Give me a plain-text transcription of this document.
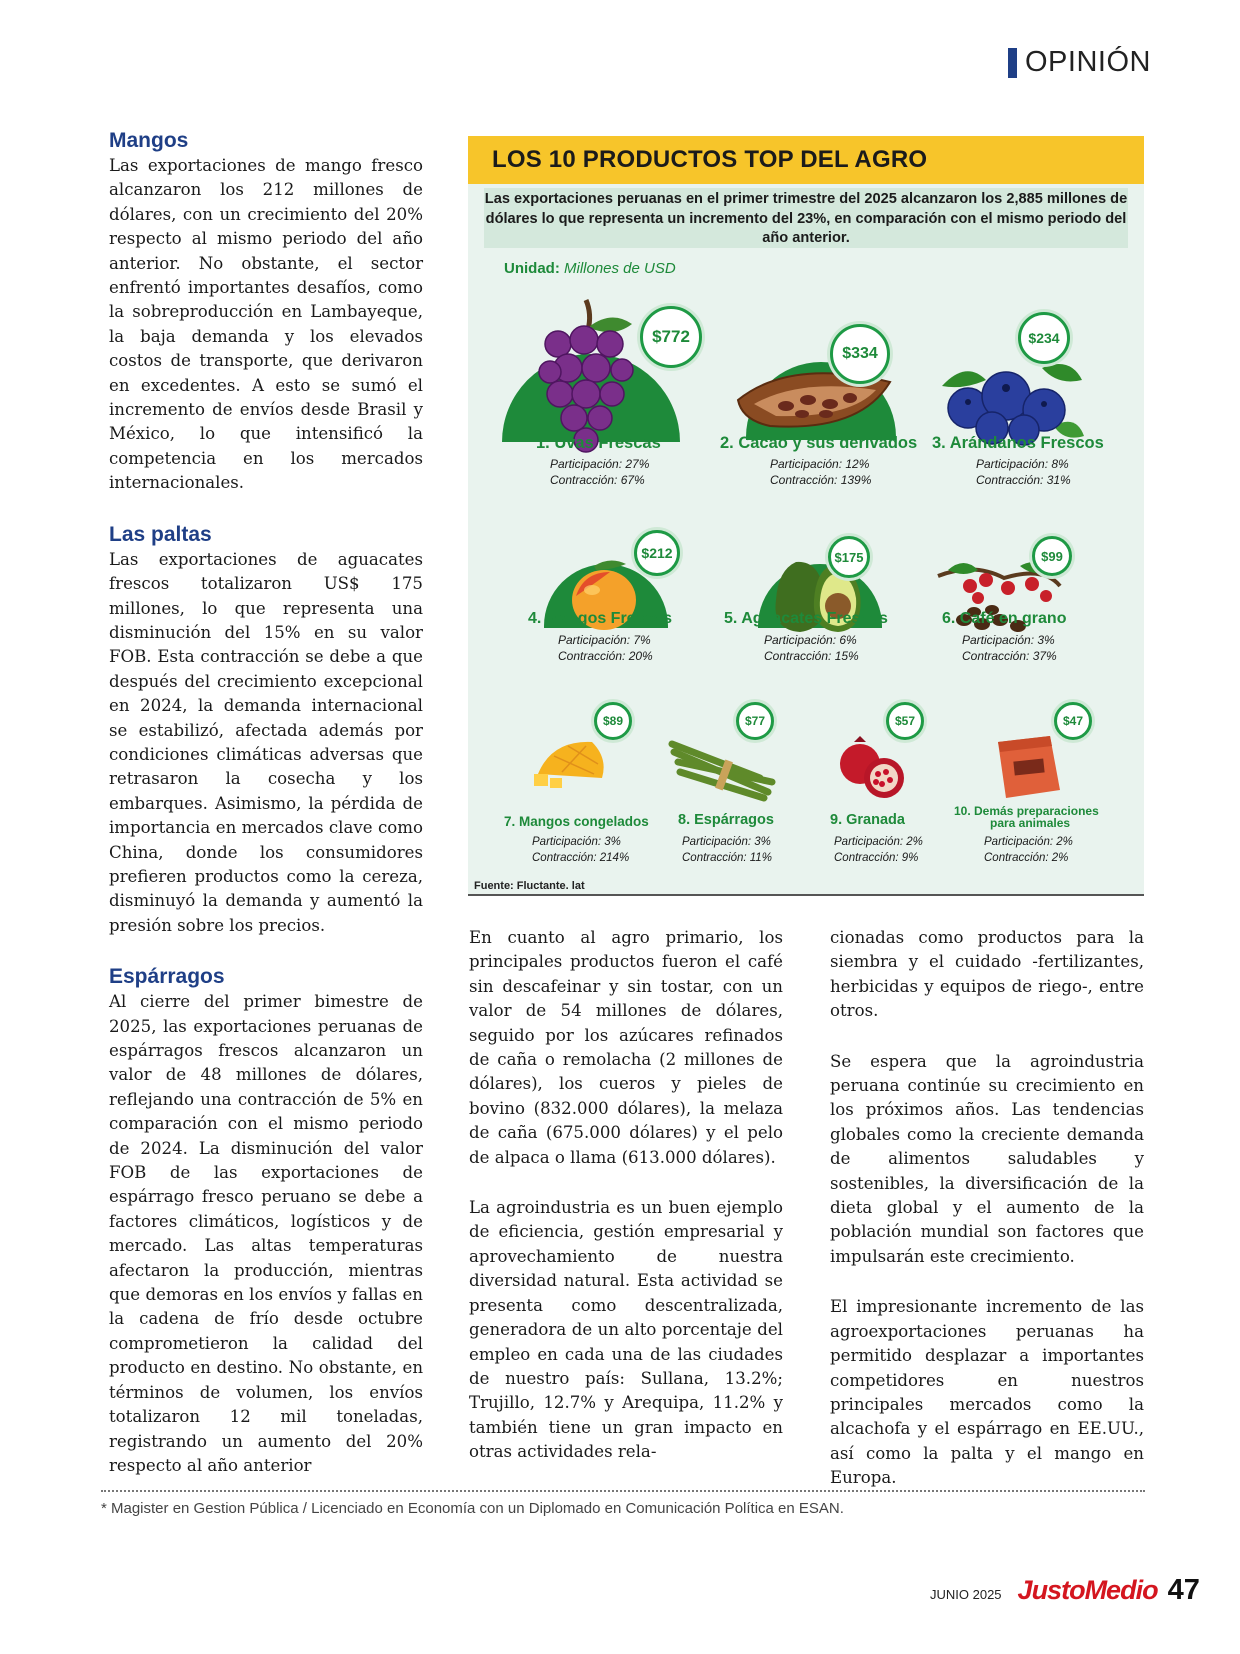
OPINIÓN
Mangos

Las exportaciones de mango fresco alcanzaron los 212 millones de dólares, con un crecimiento del 20% respecto al mismo periodo del año anterior. No obstante, el sector enfrentó importantes desafíos, como la sobreproducción en Lambayeque, la baja demanda y los elevados costos de transporte, que derivaron en excedentes. A esto se sumó el incremento de envíos desde Brasil y México, lo que intensificó la competencia en los mercados internacionales.

Las paltas

Las exportaciones de aguacates frescos totalizaron US$ 175 millones, lo que representa una disminución del 15% en su valor FOB. Esta contracción se debe a que después del crecimiento excepcional en 2024, la demanda internacional se estabilizó, afectada además por condiciones climáticas adversas que retrasaron la cosecha y los embarques. Asimismo, la pérdida de importancia en mercados clave como China, donde los consumidores prefieren productos como la cereza, disminuyó la demanda y aumentó la presión sobre los precios.

Espárragos

Al cierre del primer bimestre de 2025, las exportaciones peruanas de espárragos frescos alcanzaron un valor de 48 millones de dólares, reflejando una contracción de 5% en comparación con el mismo periodo de 2024. La disminución del valor FOB de las exportaciones de espárrago fresco peruano se debe a factores climáticos, logísticos y de mercado. Las altas temperaturas afectaron la producción, mientras que demoras en los envíos y fallas en la cadena de frío desde octubre comprometieron la calidad del producto en destino. No obstante, en términos de volumen, los envíos totalizaron 12 mil toneladas, registrando un aumento del 20% respecto al año anterior

LOS 10 PRODUCTOS TOP DEL AGRO
Las exportaciones peruanas en el primer trimestre del 2025 alcanzaron los 2,885 millones de dólares lo que representa un incremento del 23%, en comparación con el mismo periodo del año anterior.
Unidad: Millones de USD
$772
1. Uvas Frescas
Participación: 27%
Contracción: 67%
$334
2. Cacao y sus derivados
Participación: 12%
Contracción: 139%
$234
3. Arándanos Frescos
Participación: 8%
Contracción: 31%
$212
4. Mangos Frescos
Participación: 7%
Contracción: 20%
$175
5. Aguacates Frescos
Participación: 6%
Contracción: 15%
$99
6. Café en grano
Participación: 3%
Contracción: 37%
$89
7. Mangos congelados
Participación: 3%
Contracción: 214%
$77
8. Espárragos
Participación: 3%
Contracción: 11%
$57
9. Granada
Participación: 2%
Contracción: 9%
$47
10. Demás preparaciones
para animales
Participación: 2%
Contracción: 2%
Fuente: Fluctante. lat

En cuanto al agro primario, los principales productos fueron el café sin descafeinar y sin tostar, con un valor de 54 millones de dólares, seguido por los azúcares refinados de caña o remolacha (2 millones de dólares), los cueros y pieles de bovino (832.000 dólares), la melaza de caña (675.000 dólares) y el pelo de alpaca o llama (613.000 dólares).

La agroindustria es un buen ejemplo de eficiencia, gestión empresarial y aprovechamiento de nuestra diversidad natural. Esta actividad se presenta como descentralizada, generadora de un alto porcentaje del empleo en cada una de las ciudades de nuestro país: Sullana, 13.2%; Trujillo, 12.7% y Arequipa, 11.2% y también tiene un gran impacto en otras actividades rela-

cionadas como productos para la siembra y el cuidado -fertilizantes, herbicidas y equipos de riego-, entre otros.

Se espera que la agroindustria peruana continúe su crecimiento en los próximos años. Las tendencias globales como la creciente demanda de alimentos saludables y sostenibles, la diversificación de la dieta global y el aumento de la población mundial son factores que impulsarán este crecimiento.

El impresionante incremento de las agroexportaciones peruanas ha permitido desplazar a importantes competidores en nuestros principales mercados como la alcachofa y el espárrago en EE.UU., así como la palta y el mango en Europa.

* Magister en Gestion Pública / Licenciado en Economía con un Diplomado en Comunicación Política en ESAN.
JUNIO 2025 JustoMedio 47
